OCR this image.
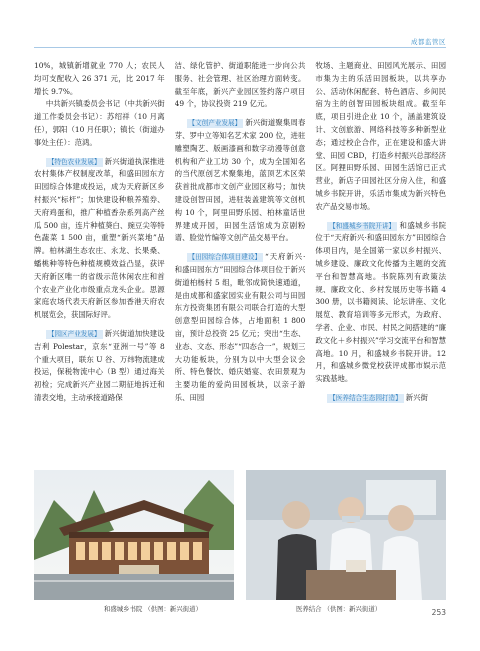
成都监管区

10%，城镇新增就业 770 人；农民人均可支配收入 26 371 元，比 2017 年增长 9.7%。

中共新兴镇委员会书记（中共新兴街道工作委员会书记）：苏绍祥（10 月离任），郭阳（10 月任职）；镇长（街道办事处主任）：范鸿。

【特色农业发展】 新兴街道执深推进农村集体产权制度改革，和盛田园东方田园综合体建成投运，成为天府新区乡村振兴“标杆”；加快建设种粮养殖券、天府鸡蛋和，推广种植香杂系列高产丝瓜 500 亩，连片种植葵白、豌豆尖等特色蔬菜 1 500 亩，重塑“新兴菜地”品牌。柏林湖生态农庄、永龙、长果桑、蟠桃种等特色种植规模效益凸显，获评天府新区唯一的省级示范休闲农庄和首个农业产业化市级重点龙头企业。思源家庭农场代表天府新区参加香港天府农机展览会，获国际好评。

【园区产业发展】 新兴街道加快建设吉利 Polestar，京东“亚洲一号”等 8 个重大项目，联东 U 谷、万纬物流建成投运，保税物流中心（B 型）通过海关初检；完成新兴产业园二期征地拆迁和清表交地，主动承接道路保

洁、绿化管护、街道职能进一步向公共服务、社会管理、社区治理方面转变。截至年底，新兴产业园区签约落户项目 49 个，协议投资 219 亿元。

【文创产业发展】 新兴街道聚集周春芽、罗中立等知名艺术家 200 位，进驻雕塑陶艺、版画漆画和数字动漫等创意机构和产业工坊 30 个，成为全国知名的当代原创艺术聚集地，蓝顶艺术区荣获首批成都市文创产业园区称号；加快建设创智田园，进驻装盖建筑等文创机构 10 个，阿里田野乐园、柏林童话世界建成开园，田园生活馆成为京剧粉谱、脸觉竹编等文创产品交易平台。

【田园综合体项目建设】 “天府新兴·和盛田园东方”田园综合体项目位于新兴街道柏杨村 5 组，毗邻成简快速通道，是由成都和盛家园实业有限公司与田园东方投资集团有限公司联合打造的大型创意型田园综合体，占地面积 1 800 亩，预计总投资 25 亿元；突出“生态、业态、文态、形态”“四态合一”，规划三大功能板块，分别为以中大型会议会所、特色餐饮、婚庆婚宴、农田景观为主要功能的爱尚田园板块，以亲子游乐、田园

牧场、主题商业、田园风光展示、田园市集为主的乐活田园板块，以共享办公、活动休闲配套、特色酒店、乡间民宿为主的创智田园板块组成。截至年底，项目引进企业 10 个，涵盖建筑设计、文创旅游、网络科技等多种新型业态；通过校企合作，正在建设和盛大讲堂、田园 CBD，打造乡村振兴总部经济区。阿狸田野乐园、田园生活馆已正式营业，新店子田园社区分房入住，和盛城乡书院开讲，乐活市集成为新兴特色农产品交易市场。

【和盛城乡书院开讲】 和盛城乡书院位于“天府新兴·和盛田园东方”田园综合体项目内，是全国第一家以乡村振兴、城乡建设、廉政文化传播为主题的交流平台和智慧高地。书院陈列有政策法规、廉政文化、乡村发展历史等书籍 4 300 册，以书籍阅读、论坛讲座、文化展览、教育培训等多元形式，为政府、学者、企业、市民、村民之间搭建的“廉政文化＋乡村振兴”学习交流平台和智慧高地。10 月，和盛城乡书院开讲。12 月，和盛城乡微党校获评成都市娱示范实践基地。

【医养结合生态园打造】 新兴街

和盛城乡书院 （供图：新兴街道）	医养结合 （供图：新兴街道）	253
